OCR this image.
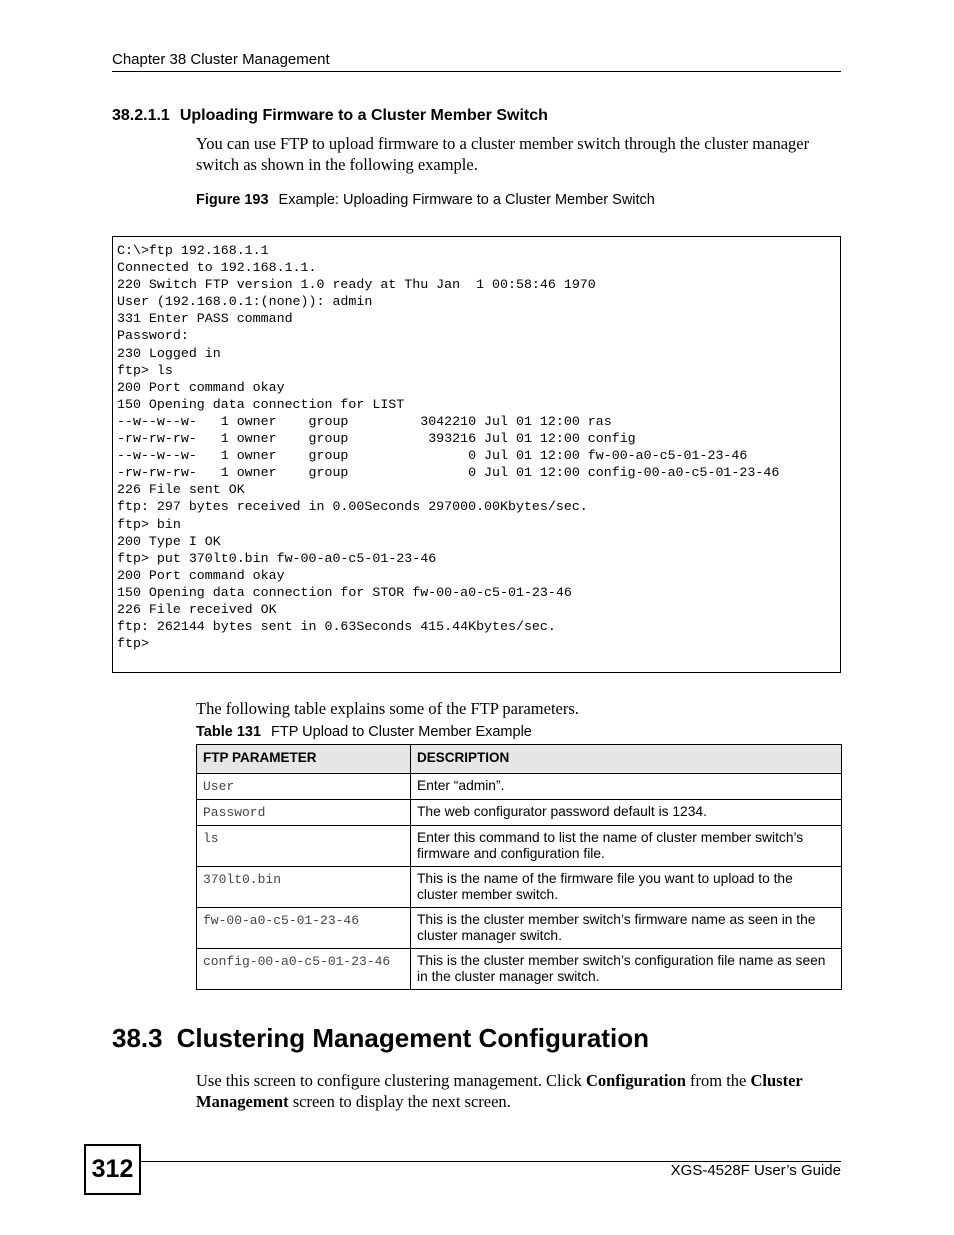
Chapter 38 Cluster Management
38.2.1.1 Uploading Firmware to a Cluster Member Switch
You can use FTP to upload firmware to a cluster member switch through the cluster manager switch as shown in the following example.
Figure 193 Example: Uploading Firmware to a Cluster Member Switch
C:\>ftp 192.168.1.1
Connected to 192.168.1.1.
220 Switch FTP version 1.0 ready at Thu Jan  1 00:58:46 1970
User (192.168.0.1:(none)): admin
331 Enter PASS command
Password:
230 Logged in
ftp> ls
200 Port command okay
150 Opening data connection for LIST
--w--w--w-   1 owner    group         3042210 Jul 01 12:00 ras
-rw-rw-rw-   1 owner    group          393216 Jul 01 12:00 config
--w--w--w-   1 owner    group               0 Jul 01 12:00 fw-00-a0-c5-01-23-46
-rw-rw-rw-   1 owner    group               0 Jul 01 12:00 config-00-a0-c5-01-23-46
226 File sent OK
ftp: 297 bytes received in 0.00Seconds 297000.00Kbytes/sec.
ftp> bin
200 Type I OK
ftp> put 370lt0.bin fw-00-a0-c5-01-23-46
200 Port command okay
150 Opening data connection for STOR fw-00-a0-c5-01-23-46
226 File received OK
ftp: 262144 bytes sent in 0.63Seconds 415.44Kbytes/sec.
ftp>
The following table explains some of the FTP parameters.
Table 131 FTP Upload to Cluster Member Example
FTP PARAMETER	DESCRIPTION
User	Enter “admin”.
Password	The web configurator password default is 1234.
ls	Enter this command to list the name of cluster member switch’s firmware and configuration file.
370lt0.bin	This is the name of the firmware file you want to upload to the cluster member switch.
fw-00-a0-c5-01-23-46	This is the cluster member switch’s firmware name as seen in the cluster manager switch.
config-00-a0-c5-01-23-46	This is the cluster member switch’s configuration file name as seen in the cluster manager switch.
38.3 Clustering Management Configuration
Use this screen to configure clustering management. Click Configuration from the Cluster Management screen to display the next screen.
312	XGS-4528F User’s Guide
